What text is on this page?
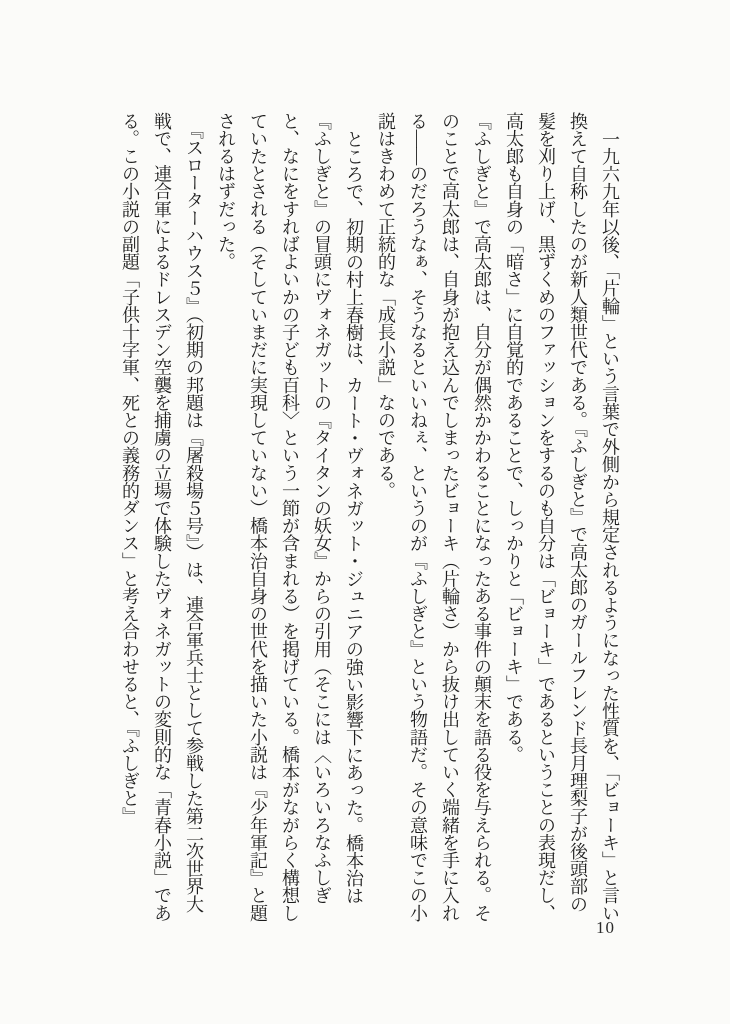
一九六九年以後、「片輪」という言葉で外側から規定されるようになった性質を、「ビョーキ」と言い換えて自称したのが新人類世代である。『ふしぎと』で高太郎のガールフレンド長月理梨子が後頭部の髪を刈り上げ、黒ずくめのファッションをするのも自分は「ビョーキ」であるということの表現だし、高太郎も自身の「暗さ」に自覚的であることで、しっかりと「ビョーキ」である。

『ふしぎと』で高太郎は、自分が偶然かかわることになったある事件の顛末を語る役を与えられる。そのことで高太郎は、自身が抱え込んでしまったビョーキ（片輪さ）から抜け出していく端緒を手に入れる——のだろうなぁ、そうなるといいねぇ、というのが『ふしぎと』という物語だ。その意味でこの小説はきわめて正統的な「成長小説」なのである。

ところで、初期の村上春樹は、カート・ヴォネガット・ジュニアの強い影響下にあった。橋本治は『ふしぎと』の冒頭にヴォネガットの『タイタンの妖女』からの引用（そこには〈いろいろなふしぎと、なにをすればよいかの子ども百科〉という一節が含まれる）を掲げている。橋本がながらく構想していたとされる（そしていまだに実現していない）橋本治自身の世代を描いた小説は『少年軍記』と題されるはずだった。

『スローターハウス５』（初期の邦題は『屠殺場５号』）は、連合軍兵士として参戦した第二次世界大戦で、連合軍によるドレスデン空襲を捕虜の立場で体験したヴォネガットの変則的な「青春小説」である。この小説の副題「子供十字軍、死との義務的ダンス」と考え合わせると、『ふしぎと』

10
